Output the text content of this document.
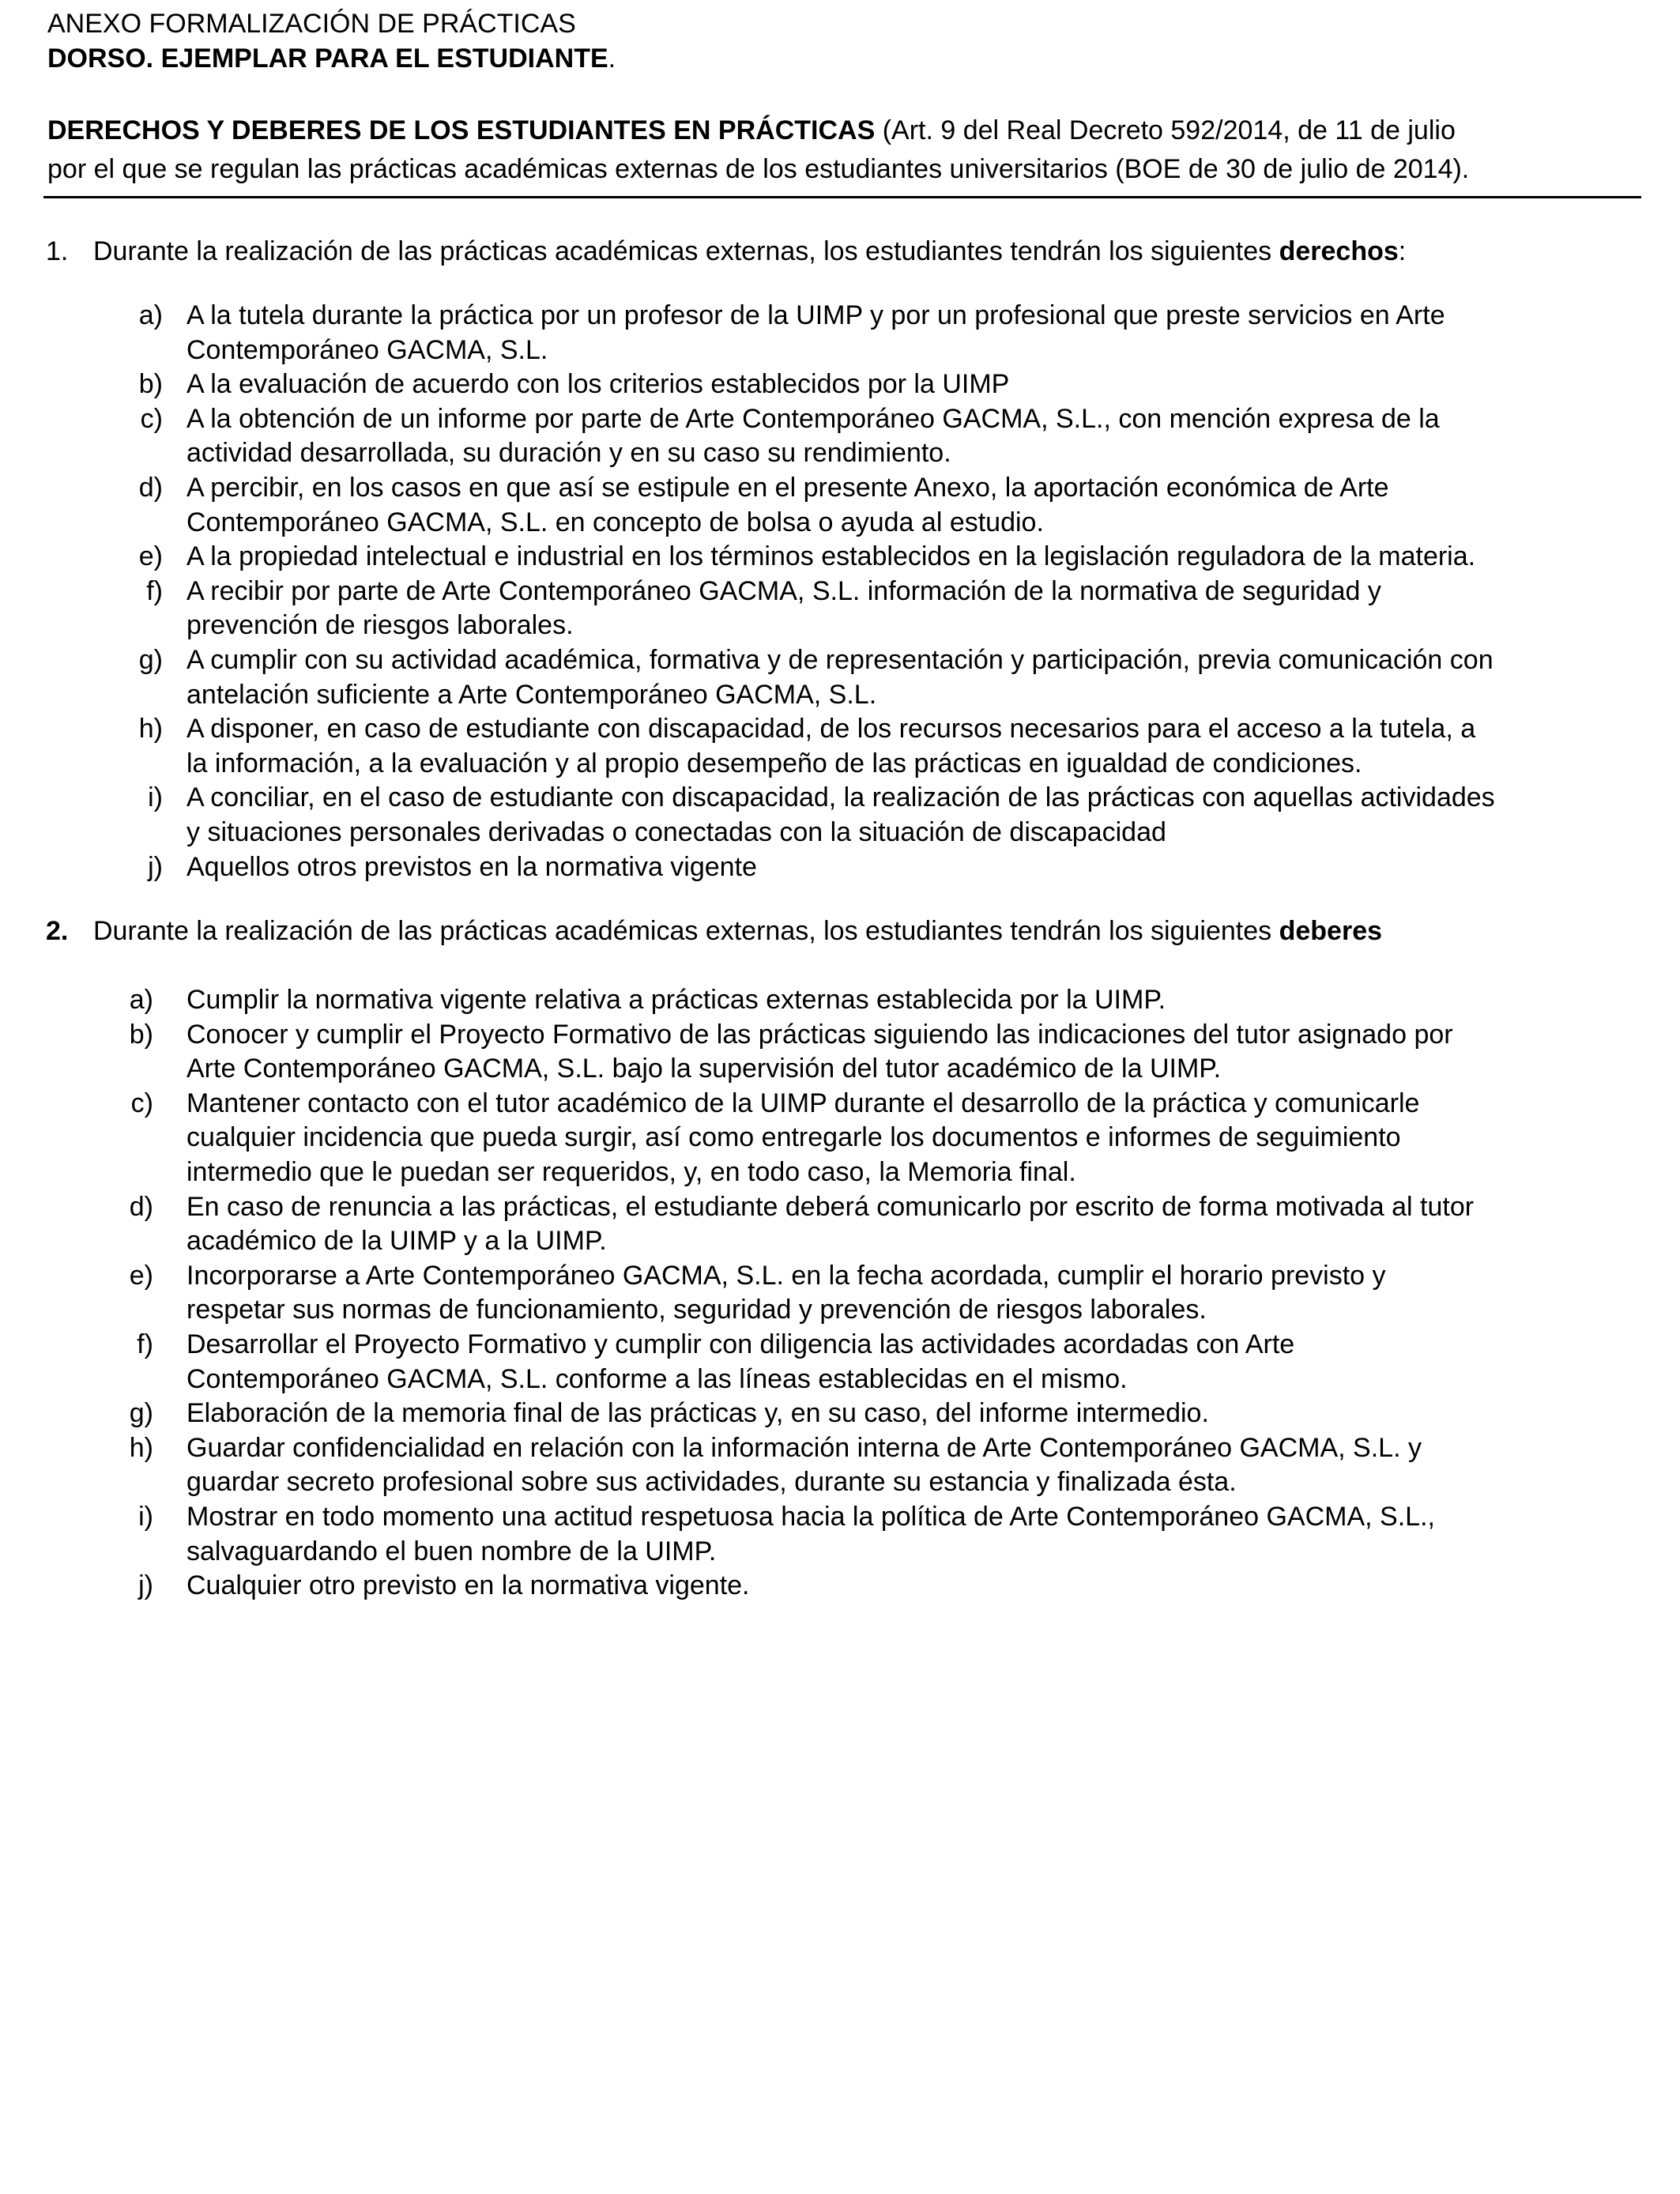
ANEXO FORMALIZACIÓN DE PRÁCTICAS
DORSO. EJEMPLAR PARA EL ESTUDIANTE.
DERECHOS Y DEBERES DE LOS ESTUDIANTES EN PRÁCTICAS (Art. 9 del Real Decreto 592/2014, de 11 de julio
por el que se regulan las prácticas académicas externas de los estudiantes universitarios (BOE de 30 de julio de 2014).
1. Durante la realización de las prácticas académicas externas, los estudiantes tendrán los siguientes derechos:
a) A la tutela durante la práctica por un profesor de la UIMP y por un profesional que preste servicios en Arte
Contemporáneo GACMA, S.L.
b) A la evaluación de acuerdo con los criterios establecidos por la UIMP
c) A la obtención de un informe por parte de Arte Contemporáneo GACMA, S.L., con mención expresa de la
actividad desarrollada, su duración y en su caso su rendimiento.
d) A percibir, en los casos en que así se estipule en el presente Anexo, la aportación económica de Arte
Contemporáneo GACMA, S.L. en concepto de bolsa o ayuda al estudio.
e) A la propiedad intelectual e industrial en los términos establecidos en la legislación reguladora de la materia.
f) A recibir por parte de Arte Contemporáneo GACMA, S.L. información de la normativa de seguridad y
prevención de riesgos laborales.
g) A cumplir con su actividad académica, formativa y de representación y participación, previa comunicación con
antelación suficiente a Arte Contemporáneo GACMA, S.L.
h) A disponer, en caso de estudiante con discapacidad, de los recursos necesarios para el acceso a la tutela, a
la información, a la evaluación y al propio desempeño de las prácticas en igualdad de condiciones.
i) A conciliar, en el caso de estudiante con discapacidad, la realización de las prácticas con aquellas actividades
y situaciones personales derivadas o conectadas con la situación de discapacidad
j) Aquellos otros previstos en la normativa vigente
2. Durante la realización de las prácticas académicas externas, los estudiantes tendrán los siguientes deberes
a) Cumplir la normativa vigente relativa a prácticas externas establecida por la UIMP.
b) Conocer y cumplir el Proyecto Formativo de las prácticas siguiendo las indicaciones del tutor asignado por
Arte Contemporáneo GACMA, S.L. bajo la supervisión del tutor académico de la UIMP.
c) Mantener contacto con el tutor académico de la UIMP durante el desarrollo de la práctica y comunicarle
cualquier incidencia que pueda surgir, así como entregarle los documentos e informes de seguimiento
intermedio que le puedan ser requeridos, y, en todo caso, la Memoria final.
d) En caso de renuncia a las prácticas, el estudiante deberá comunicarlo por escrito de forma motivada al tutor
académico de la UIMP y a la UIMP.
e) Incorporarse a Arte Contemporáneo GACMA, S.L. en la fecha acordada, cumplir el horario previsto y
respetar sus normas de funcionamiento, seguridad y prevención de riesgos laborales.
f) Desarrollar el Proyecto Formativo y cumplir con diligencia las actividades acordadas con Arte
Contemporáneo GACMA, S.L. conforme a las líneas establecidas en el mismo.
g) Elaboración de la memoria final de las prácticas y, en su caso, del informe intermedio.
h) Guardar confidencialidad en relación con la información interna de Arte Contemporáneo GACMA, S.L. y
guardar secreto profesional sobre sus actividades, durante su estancia y finalizada ésta.
i) Mostrar en todo momento una actitud respetuosa hacia la política de Arte Contemporáneo GACMA, S.L.,
salvaguardando el buen nombre de la UIMP.
j) Cualquier otro previsto en la normativa vigente.
